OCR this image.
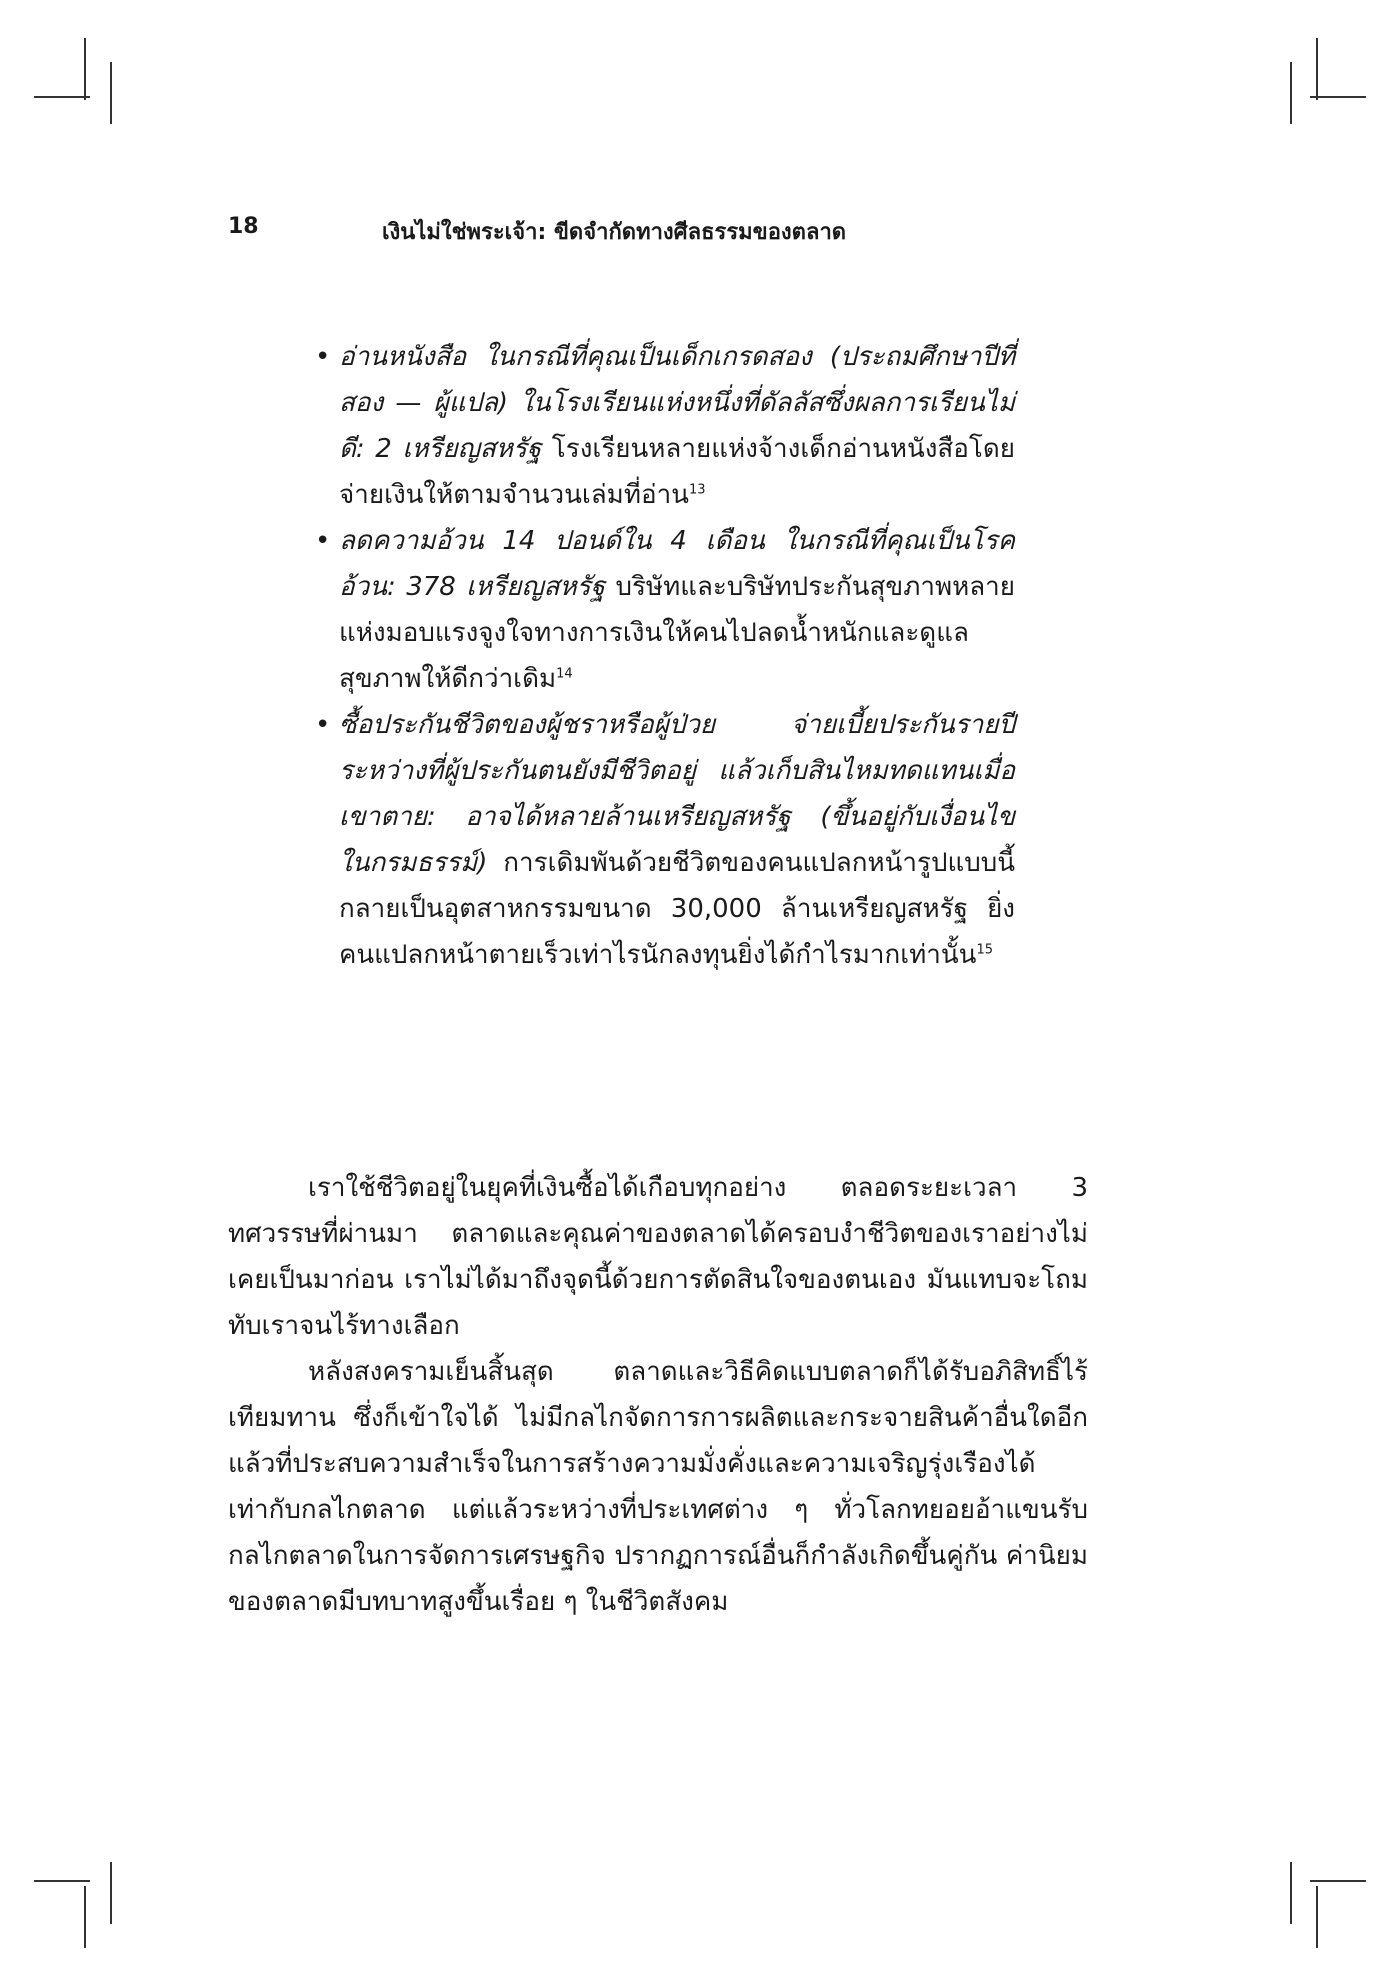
18	เงินไม่ใช่พระเจ้า: ขีดจำกัดทางศีลธรรมของตลาด
• อ่านหนังสือ ในกรณีที่คุณเป็นเด็กเกรดสอง (ประถมศึกษาปีที่สอง — ผู้แปล) ในโรงเรียนแห่งหนึ่งที่ดัลลัสซึ่งผลการเรียนไม่ดี: 2 เหรียญสหรัฐ โรงเรียนหลายแห่งจ้างเด็กอ่านหนังสือโดยจ่ายเงินให้ตามจำนวนเล่มที่อ่าน$^{13}$
• ลดความอ้วน 14 ปอนด์ใน 4 เดือน ในกรณีที่คุณเป็นโรคอ้วน: 378 เหรียญสหรัฐ บริษัทและบริษัทประกันสุขภาพหลายแห่งมอบแรงจูงใจทางการเงินให้คนไปลดน้ำหนักและดูแลสุขภาพให้ดีกว่าเดิม$^{14}$
• ซื้อประกันชีวิตของผู้ชราหรือผู้ป่วย จ่ายเบี้ยประกันรายปีระหว่างที่ผู้ประกันตนยังมีชีวิตอยู่ แล้วเก็บสินไหมทดแทนเมื่อเขาตาย: อาจได้หลายล้านเหรียญสหรัฐ (ขึ้นอยู่กับเงื่อนไขในกรมธรรม์) การเดิมพันด้วยชีวิตของคนแปลกหน้ารูปแบบนี้ กลายเป็นอุตสาหกรรมขนาด 30,000 ล้านเหรียญสหรัฐ ยิ่งคนแปลกหน้าตายเร็วเท่าไรนักลงทุนยิ่งได้กำไรมากเท่านั้น$^{15}$

เราใช้ชีวิตอยู่ในยุคที่เงินซื้อได้เกือบทุกอย่าง ตลอดระยะเวลา 3 ทศวรรษที่ผ่านมา ตลาดและคุณค่าของตลาดได้ครอบงำชีวิตของเราอย่างไม่เคยเป็นมาก่อน เราไม่ได้มาถึงจุดนี้ด้วยการตัดสินใจของตนเอง มันแทบจะโถมทับเราจนไร้ทางเลือก

หลังสงครามเย็นสิ้นสุด ตลาดและวิธีคิดแบบตลาดก็ได้รับอภิสิทธิ์ไร้เทียมทาน ซึ่งก็เข้าใจได้ ไม่มีกลไกจัดการการผลิตและกระจายสินค้าอื่นใดอีกแล้วที่ประสบความสำเร็จในการสร้างความมั่งคั่งและความเจริญรุ่งเรืองได้เท่ากับกลไกตลาด แต่แล้วระหว่างที่ประเทศต่าง ๆ ทั่วโลกทยอยอ้าแขนรับกลไกตลาดในการจัดการเศรษฐกิจ ปรากฏการณ์อื่นก็กำลังเกิดขึ้นคู่กัน ค่านิยมของตลาดมีบทบาทสูงขึ้นเรื่อย ๆ ในชีวิตสังคม
